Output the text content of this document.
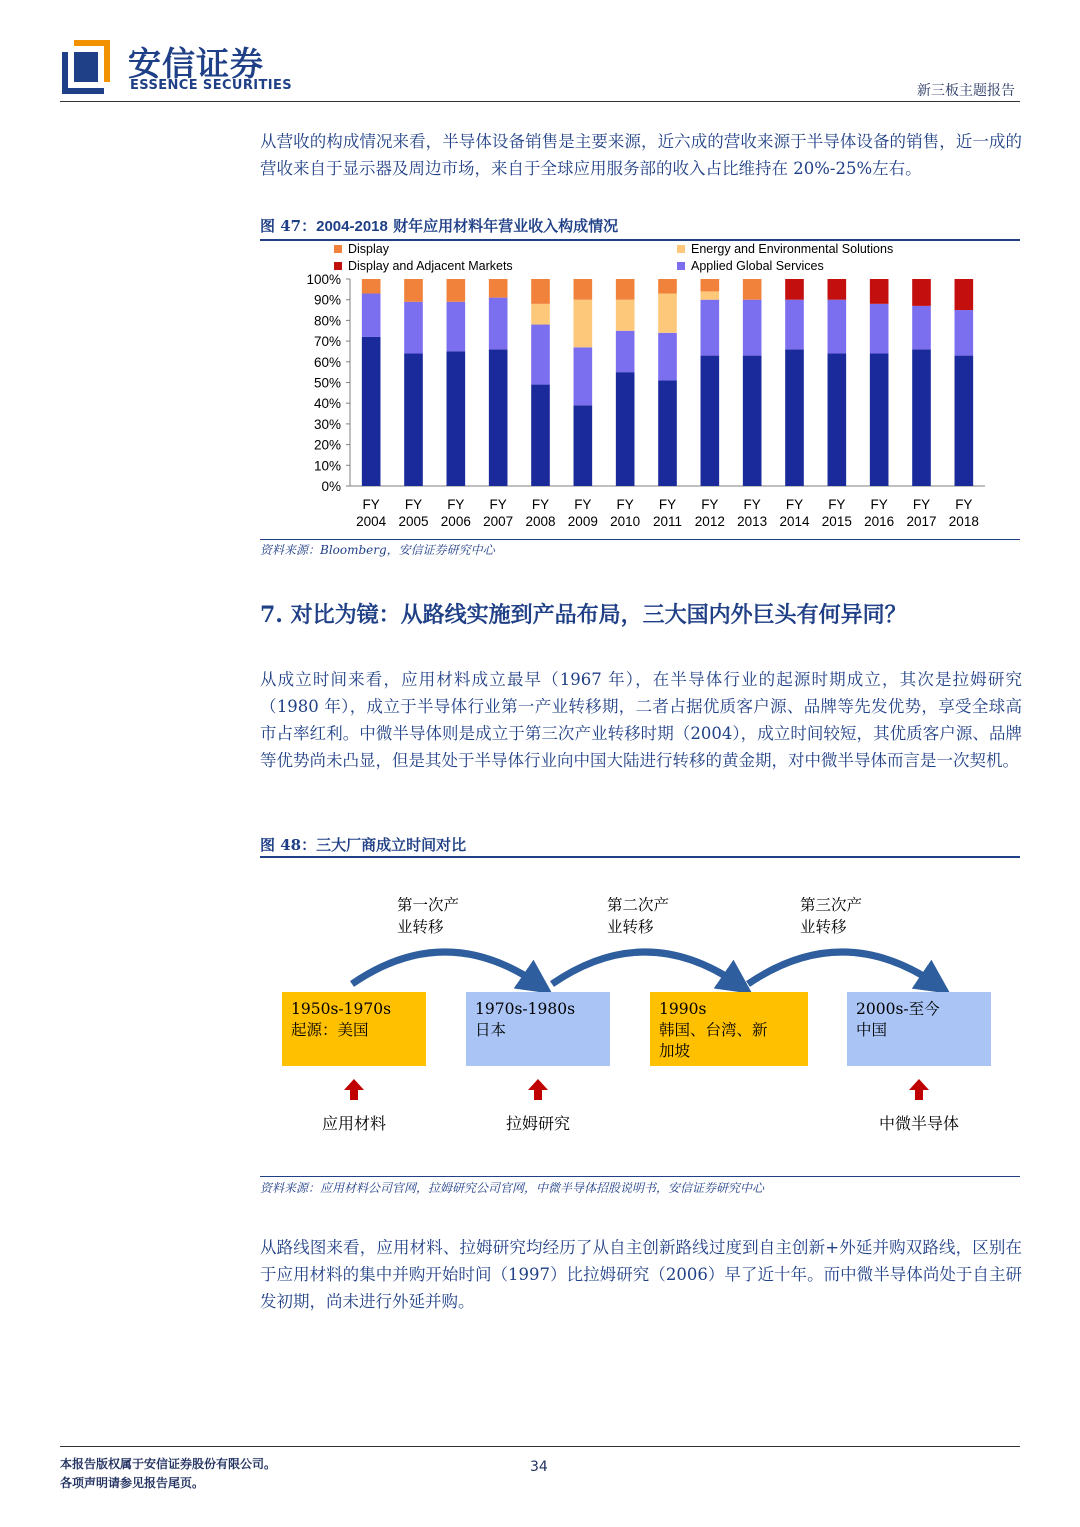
安信证券
ESSENCE SECURITIES	新三板主题报告
从营收的构成情况来看，半导体设备销售是主要来源，近六成的营收来源于半导体设备的销售，近一成的营收来自于显示器及周边市场，来自于全球应用服务部的收入占比维持在 20%-25%左右。
图 47：2004-2018 财年应用材料年营业收入构成情况
Display	Energy and Environmental Solutions
Display and Adjacent Markets	Applied Global Services
0%
10%
20%
30%
40%
50%
60%
70%
80%
90%
100%
FY
2004
FY
2005
FY
2006
FY
2007
FY
2008
FY
2009
FY
2010
FY
2011
FY
2012
FY
2013
FY
2014
FY
2015
FY
2016
FY
2017
FY
2018
资料来源：Bloomberg，安信证券研究中心
7. 对比为镜：从路线实施到产品布局，三大国内外巨头有何异同？
从成立时间来看，应用材料成立最早（1967 年），在半导体行业的起源时期成立，其次是拉姆研究（1980 年），成立于半导体行业第一产业转移期，二者占据优质客户源、品牌等先发优势，享受全球高市占率红利。中微半导体则是成立于第三次产业转移时期（2004），成立时间较短，其优质客户源、品牌等优势尚未凸显，但是其处于半导体行业向中国大陆进行转移的黄金期，对中微半导体而言是一次契机。
图 48：三大厂商成立时间对比
第一次产
业转移
第二次产
业转移
第三次产
业转移
1950s-1970s
起源：美国
1970s-1980s
日本
1990s
韩国、台湾、新
加坡
2000s-至今
中国
应用材料	拉姆研究	中微半导体
资料来源：应用材料公司官网，拉姆研究公司官网，中微半导体招股说明书，安信证券研究中心
从路线图来看，应用材料、拉姆研究均经历了从自主创新路线过度到自主创新+外延并购双路线，区别在于应用材料的集中并购开始时间（1997）比拉姆研究（2006）早了近十年。而中微半导体尚处于自主研发初期，尚未进行外延并购。
本报告版权属于安信证券股份有限公司。
各项声明请参见报告尾页。
34
